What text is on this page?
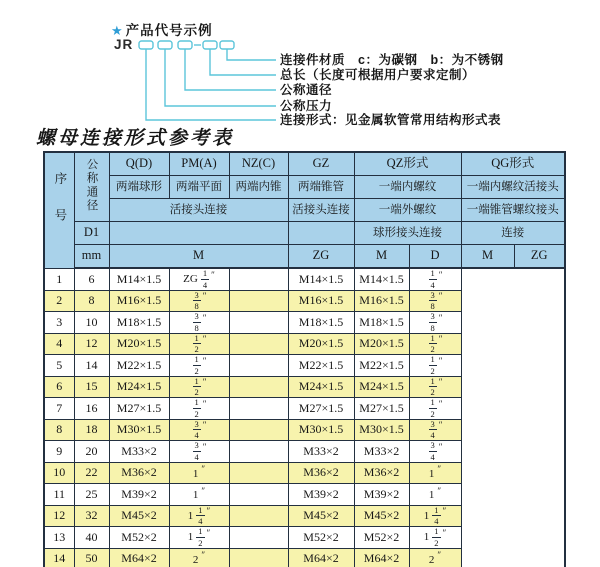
★ 产品代号示例
JR
连接件材质　c：为碳钢　b：为不锈钢
总长（长度可根据用户要求定制）
公称通径
公称压力
连接形式：见金属软管常用结构形式表
螺母连接形式参考表
序号	公称通径	Q(D)	PM(A)	NZ(C)	GZ	QZ形式		QG形式	
		两端球形	两端平面	两端内锥	两端锥管	一端内螺纹		一端内螺纹活接头	
		活接头连接			活接头连接	一端外螺纹		一端锥管螺纹接头	
	D1					球形接头连接		连接	
	mm	M			ZG	M	D	M	ZG
1	6	M14×1.5	ZG $\frac{1}{4} ''$		M14×1.5	M14×1.5	$\frac{1}{4} ''$
2	8	M16×1.5	$\frac{3}{8} ''$		M16×1.5	M16×1.5	$\frac{3}{8} ''$
3	10	M18×1.5	$\frac{3}{8} ''$		M18×1.5	M18×1.5	$\frac{3}{8} ''$
4	12	M20×1.5	$\frac{1}{2} ''$		M20×1.5	M20×1.5	$\frac{1}{2} ''$
5	14	M22×1.5	$\frac{1}{2} ''$		M22×1.5	M22×1.5	$\frac{1}{2} ''$
6	15	M24×1.5	$\frac{1}{2} ''$		M24×1.5	M24×1.5	$\frac{1}{2} ''$
7	16	M27×1.5	$\frac{1}{2} ''$		M27×1.5	M27×1.5	$\frac{1}{2} ''$
8	18	M30×1.5	$\frac{3}{4} ''$		M30×1.5	M30×1.5	$\frac{3}{4} ''$
9	20	M33×2	$\frac{3}{4} ''$		M33×2	M33×2	$\frac{3}{4} ''$
10	22	M36×2	1 ″		M36×2	M36×2	1 ″
11	25	M39×2	1 ″		M39×2	M39×2	1 ″
12	32	M45×2	$1 \frac{1}{4} ''$		M45×2	M45×2	$1 \frac{1}{4} ''$
13	40	M52×2	$1 \frac{1}{2} ''$		M52×2	M52×2	$1 \frac{1}{2} ''$
14	50	M64×2	2 ″		M64×2	M64×2	2 ″
